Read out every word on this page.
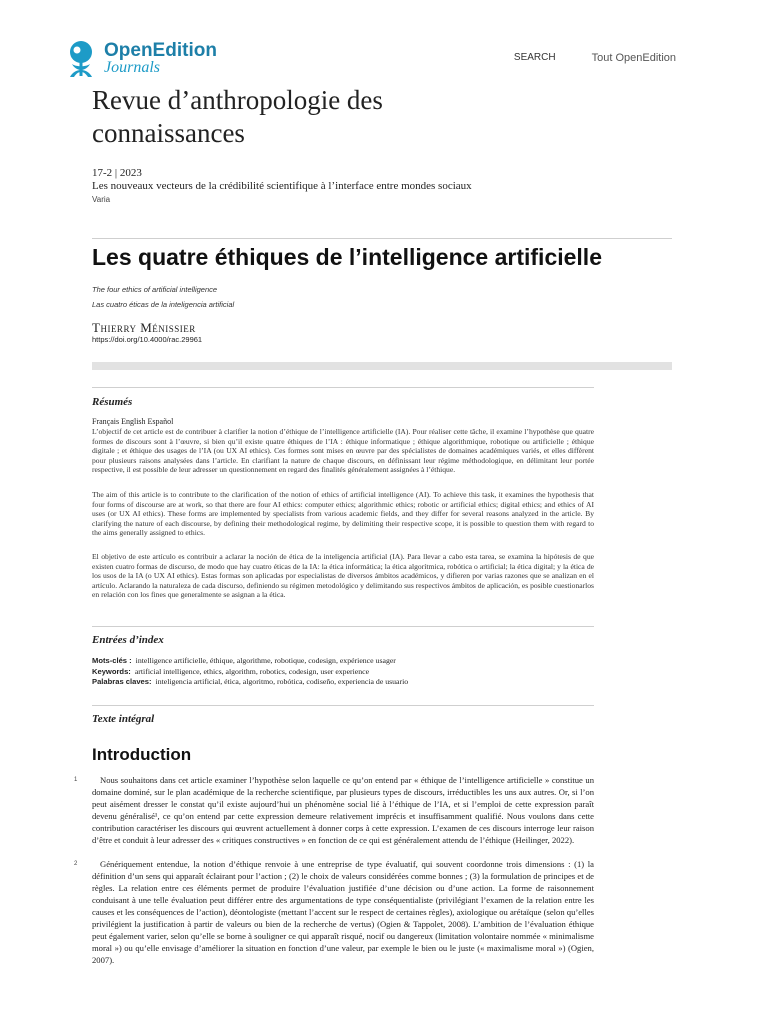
OpenEdition
Journals
SEARCH	Tout OpenEdition
Revue d’anthropologie des connaissances
17-2 | 2023
Les nouveaux vecteurs de la crédibilité scientifique à l’interface entre mondes sociaux
Varia
Les quatre éthiques de l’intelligence artificielle
The four ethics of artificial intelligence
Las cuatro éticas de la inteligencia artificial
Thierry Ménissier
https://doi.org/10.4000/rac.29961
Résumés
Français English Español
L’objectif de cet article est de contribuer à clarifier la notion d’éthique de l’intelligence artificielle (IA). Pour réaliser cette tâche, il examine l’hypothèse que quatre formes de discours sont à l’œuvre, si bien qu’il existe quatre éthiques de l’IA : éthique informatique ; éthique algorithmique, robotique ou artificielle ; éthique digitale ; et éthique des usages de l’IA (ou UX AI ethics). Ces formes sont mises en œuvre par des spécialistes de domaines académiques variés, et elles diffèrent pour plusieurs raisons analysées dans l’article. En clarifiant la nature de chaque discours, en définissant leur régime méthodologique, en délimitant leur portée respective, il est possible de leur adresser un questionnement en regard des finalités généralement assignées à l’éthique.
The aim of this article is to contribute to the clarification of the notion of ethics of artificial intelligence (AI). To achieve this task, it examines the hypothesis that four forms of discourse are at work, so that there are four AI ethics: computer ethics; algorithmic ethics; robotic or artificial ethics; digital ethics; and ethics of AI uses (or UX AI ethics). These forms are implemented by specialists from various academic fields, and they differ for several reasons analyzed in the article. By clarifying the nature of each discourse, by defining their methodological regime, by delimiting their respective scope, it is possible to question them with regard to the aims generally assigned to ethics.
El objetivo de este artículo es contribuir a aclarar la noción de ética de la inteligencia artificial (IA). Para llevar a cabo esta tarea, se examina la hipótesis de que existen cuatro formas de discurso, de modo que hay cuatro éticas de la IA: la ética informática; la ética algorítmica, robótica o artificial; la ética digital; y la ética de los usos de la IA (o UX AI ethics). Estas formas son aplicadas por especialistas de diversos ámbitos académicos, y difieren por varias razones que se analizan en el artículo. Aclarando la naturaleza de cada discurso, definiendo su régimen metodológico y delimitando sus respectivos ámbitos de aplicación, es posible cuestionarlos en relación con los fines que generalmente se asignan a la ética.
Entrées d’index
Mots-clés : intelligence artificielle, éthique, algorithme, robotique, codesign, expérience usager
Keywords: artificial intelligence, ethics, algorithm, robotics, codesign, user experience
Palabras claves: inteligencia artificial, ética, algoritmo, robótica, codiseño, experiencia de usuario
Texte intégral
Introduction
1	Nous souhaitons dans cet article examiner l’hypothèse selon laquelle ce qu’on entend par « éthique de l’intelligence artificielle » constitue un domaine dominé, sur le plan académique de la recherche scientifique, par plusieurs types de discours, irréductibles les uns aux autres. Or, si l’on peut aisément dresser le constat qu’il existe aujourd’hui un phénomène social lié à l’éthique de l’IA, et si l’emploi de cette expression paraît devenu généralisé¹, ce qu’on entend par cette expression demeure relativement imprécis et insuffisamment qualifié. Nous voulons dans cette contribution caractériser les discours qui œuvrent actuellement à donner corps à cette expression. L’examen de ces discours interroge leur raison d’être et conduit à leur adresser des « critiques constructives » en fonction de ce qui est généralement attendu de l’éthique (Heilinger, 2022).
2	Génériquement entendue, la notion d’éthique renvoie à une entreprise de type évaluatif, qui souvent coordonne trois dimensions : (1) la définition d’un sens qui apparaît éclairant pour l’action ; (2) le choix de valeurs considérées comme bonnes ; (3) la formulation de principes et de règles. La relation entre ces éléments permet de produire l’évaluation justifiée d’une décision ou d’une action. La forme de raisonnement conduisant à une telle évaluation peut différer entre des argumentations de type conséquentialiste (privilégiant l’examen de la relation entre les causes et les conséquences de l’action), déontologiste (mettant l’accent sur le respect de certaines règles), axiologique ou arétaïque (selon qu’elles privilégient la justification à partir de valeurs ou bien de la recherche de vertus) (Ogien & Tappolet, 2008). L’ambition de l’évaluation éthique peut également varier, selon qu’elle se borne à souligner ce qui apparaît risqué, nocif ou dangereux (limitation volontaire nommée « minimalisme moral ») ou qu’elle envisage d’améliorer la situation en fonction d’une valeur, par exemple le bien ou le juste (« maximalisme moral ») (Ogien, 2007).
